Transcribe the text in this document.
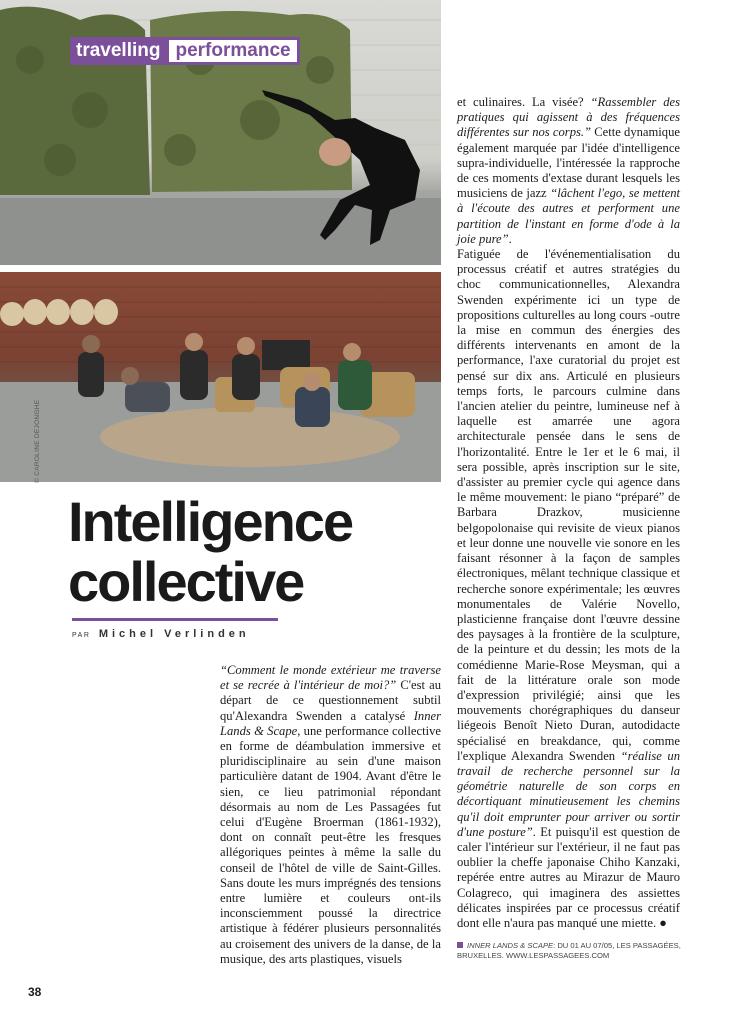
travelling performance
© CAROLINE DEJONGHE
Intelligence
collective
PAR Michel Verlinden

“Comment le monde extérieur me traverse et se recrée à l'intérieur de moi?” C'est au départ de ce questionnement subtil qu'Alexandra Swenden a catalysé Inner Lands & Scape, une performance collective en forme de déambulation immersive et pluridisciplinaire au sein d'une maison particulière datant de 1904. Avant d'être le sien, ce lieu patrimonial répondant désormais au nom de Les Passagées fut celui d'Eugène Broerman (1861-1932), dont on connaît peut-être les fresques allégoriques peintes à même la salle du conseil de l'hôtel de ville de Saint-Gilles. Sans doute les murs imprégnés des tensions entre lumière et couleurs ont-ils inconsciemment poussé la directrice artistique à fédérer plusieurs personnalités au croisement des univers de la danse, de la musique, des arts plastiques, visuels

et culinaires. La visée? “Rassembler des pratiques qui agissent à des fréquences différentes sur nos corps.” Cette dynamique également marquée par l'idée d'intelligence supra-individuelle, l'intéressée la rapproche de ces moments d'extase durant lesquels les musiciens de jazz “lâchent l'ego, se mettent à l'écoute des autres et performent une partition de l'instant en forme d'ode à la joie pure”.

Fatiguée de l'événementialisation du processus créatif et autres stratégies du choc communicationnelles, Alexandra Swenden expérimente ici un type de propositions culturelles au long cours -outre la mise en commun des énergies des différents intervenants en amont de la performance, l'axe curatorial du projet est pensé sur dix ans. Articulé en plusieurs temps forts, le parcours culmine dans l'ancien atelier du peintre, lumineuse nef à laquelle est amarrée une agora architecturale pensée dans le sens de l'horizontalité. Entre le 1er et le 6 mai, il sera possible, après inscription sur le site, d'assister au premier cycle qui agence dans le même mouvement: le piano “préparé” de Barbara Drazkov, musicienne belgopolonaise qui revisite de vieux pianos et leur donne une nouvelle vie sonore en les faisant résonner à la façon de samples électroniques, mêlant technique classique et recherche sonore expérimentale; les œuvres monumentales de Valérie Novello, plasticienne française dont l'œuvre dessine des paysages à la frontière de la sculpture, de la peinture et du dessin; les mots de la comédienne Marie-Rose Meysman, qui a fait de la littérature orale son mode d'expression privilégié; ainsi que les mouvements chorégraphiques du danseur liégeois Benoît Nieto Duran, autodidacte spécialisé en breakdance, qui, comme l'explique Alexandra Swenden “réalise un travail de recherche personnel sur la géométrie naturelle de son corps en décortiquant minutieusement les chemins qu'il doit emprunter pour arriver ou sortir d'une posture”. Et puisqu'il est question de caler l'intérieur sur l'extérieur, il ne faut pas oublier la cheffe japonaise Chiho Kanzaki, repérée entre autres au Mirazur de Mauro Colagreco, qui imaginera des assiettes délicates inspirées par ce processus créatif dont elle n'aura pas manqué une miette. ●

INNER LANDS & SCAPE: DU 01 AU 07/05, LES PASSAGÉES, BRUXELLES. WWW.LESPASSAGEES.COM
38
